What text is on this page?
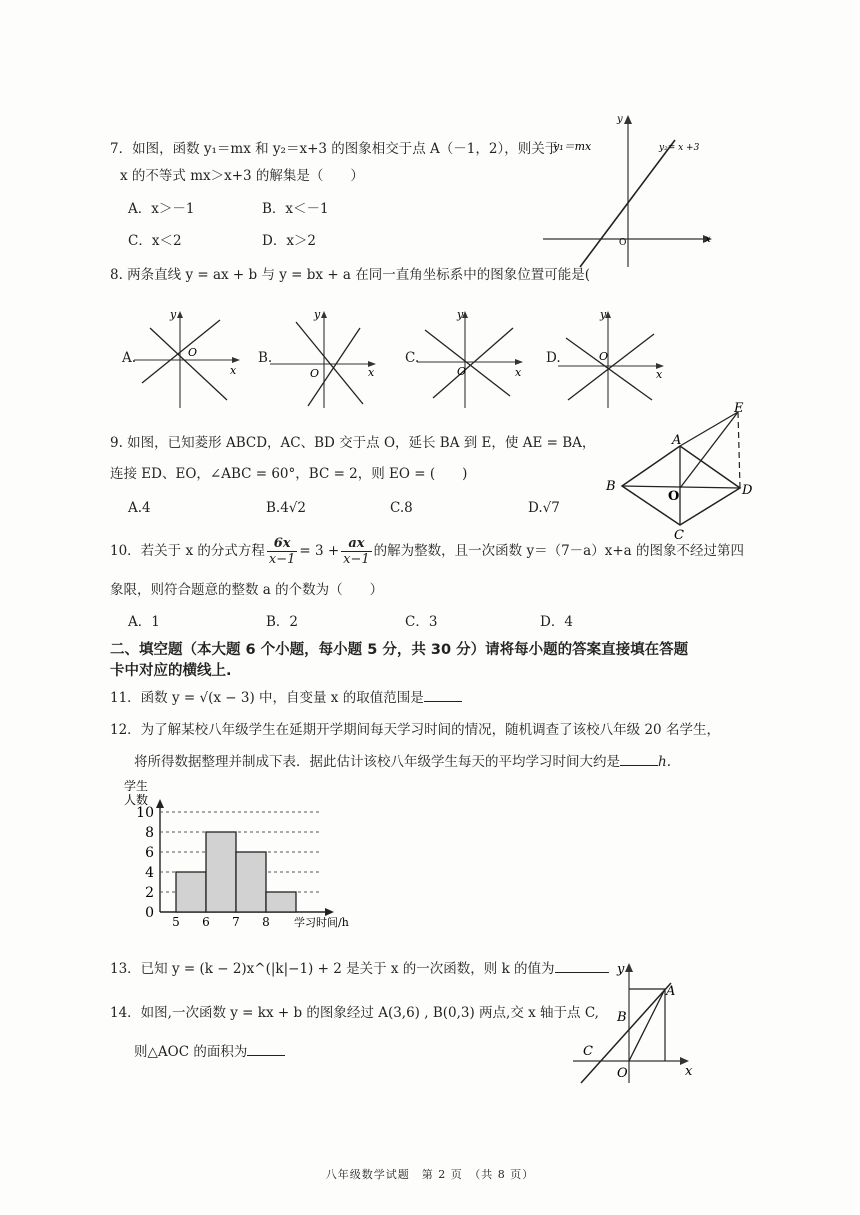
7．如图，函数 y₁＝mx 和 y₂＝x+3 的图象相交于点 A（－1，2），则关于
x 的不等式 mx＞x+3 的解集是（　　）
A．x＞－1	B．x＜－1
C．x＜2	D．x＞2
y
x
O
y₁＝mx	y₂= x +3
8. 两条直线 y = ax + b 与 y = bx + a 在同一直角坐标系中的图象位置可能是(
A.
y
x
O	B.
y
x
O
C.
y
x
O
D.
y
x
O
9. 如图，已知菱形 ABCD，AC、BD 交于点 O，延长 BA 到 E，使 AE = BA，
连接 ED、EO，∠ABC = 60°，BC = 2，则 EO = (　　)
A.4	B.4√2	C.8	D.√7
A
B
C
D
E
O
10．若关于 x 的分式方程 $\frac{6x}{x-1} = 3 + \frac{ax}{x-1}$ 的解为整数，且一次函数 y＝（7－a）x+a 的图象不经过第四
象限，则符合题意的整数 a 的个数为（　　）
A．1	B．2	C．3	D．4
二、填空题（本大题 6 个小题，每小题 5 分，共 30 分）请将每小题的答案直接填在答题
卡中对应的横线上.
11．函数 y = √(x − 3) 中，自变量 x 的取值范围是
12．为了解某校八年级学生在延期开学期间每天学习时间的情况，随机调查了该校八年级 20 名学生，
将所得数据整理并制成下表．据此估计该校八年级学生每天的平均学习时间大约是	h.
学生
人数
学习时间/h
0
2
4
6
8
10
5 6 7 8
13．已知 y = (k − 2)x^(|k|−1) + 2 是关于 x 的一次函数，则 k 的值为
14．如图,一次函数 y = kx + b 的图象经过 A(3,6) , B(0,3) 两点,交 x 轴于点 C,
则△AOC 的面积为
y
x
A
B
C
O
八年级数学试题　第 2 页　（共 8 页）
